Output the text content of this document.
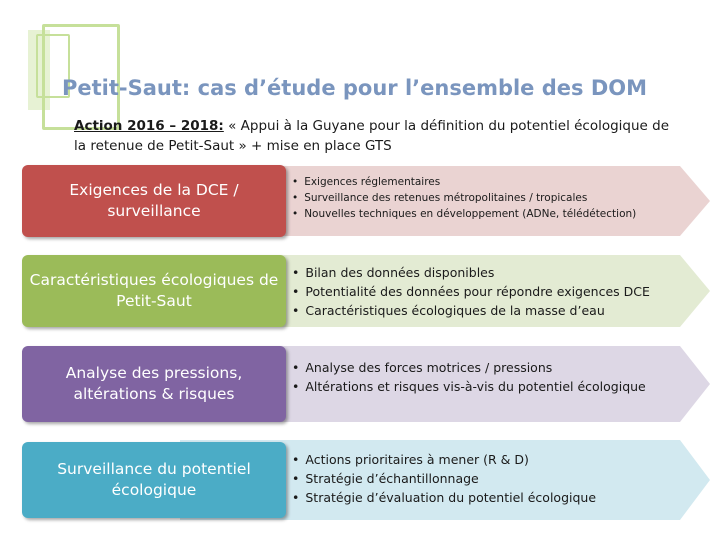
Petit-Saut: cas d’étude pour l’ensemble des DOM
Action 2016 – 2018: « Appui à la Guyane pour la définition du potentiel écologique de la retenue de Petit-Saut » + mise en place GTS
Exigences de la DCE /
surveillance
• Exigences réglementaires
• Surveillance des retenues métropolitaines / tropicales
• Nouvelles techniques en développement (ADNe, télédétection)
Caractéristiques écologiques de
Petit-Saut
• Bilan des données disponibles
• Potentialité des données pour répondre exigences DCE
• Caractéristiques écologiques de la masse d’eau
Analyse des pressions,
altérations & risques
• Analyse des forces motrices / pressions
• Altérations et risques vis-à-vis du potentiel écologique
Surveillance du potentiel
écologique
• Actions prioritaires à mener (R & D)
• Stratégie d’échantillonnage
• Stratégie d’évaluation du potentiel écologique
